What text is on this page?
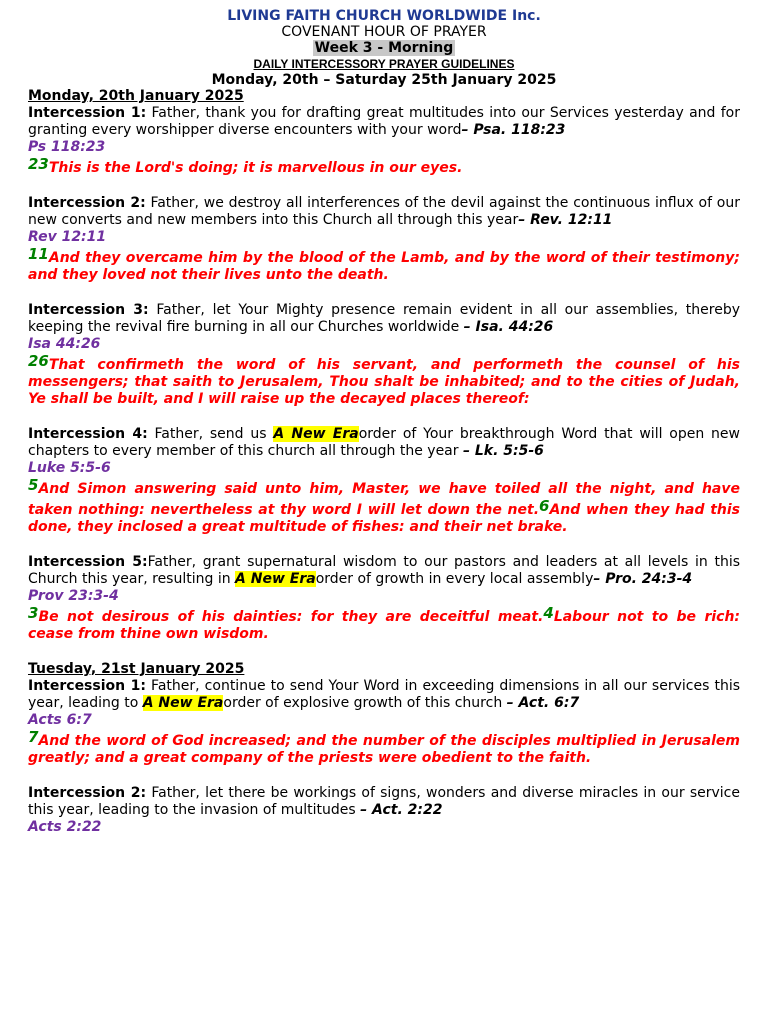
LIVING FAITH CHURCH WORLDWIDE Inc.
COVENANT HOUR OF PRAYER
Week 3 - Morning
DAILY INTERCESSORY PRAYER GUIDELINES
Monday, 20th – Saturday 25th January 2025
Monday, 20th January 2025
Intercession 1: Father, thank you for drafting great multitudes into our Services yesterday and for granting every worshipper diverse encounters with your word– Psa. 118:23
Ps 118:23
23This is the Lord's doing; it is marvellous in our eyes.
Intercession 2: Father, we destroy all interferences of the devil against the continuous influx of our new converts and new members into this Church all through this year– Rev. 12:11
Rev 12:11
11And they overcame him by the blood of the Lamb, and by the word of their testimony; and they loved not their lives unto the death.
Intercession 3: Father, let Your Mighty presence remain evident in all our assemblies, thereby keeping the revival fire burning in all our Churches worldwide – Isa. 44:26
Isa 44:26
26That confirmeth the word of his servant, and performeth the counsel of his messengers; that saith to Jerusalem, Thou shalt be inhabited; and to the cities of Judah, Ye shall be built, and I will raise up the decayed places thereof:
Intercession 4: Father, send us A New Eraorder of Your breakthrough Word that will open new chapters to every member of this church all through the year – Lk. 5:5-6
Luke 5:5-6
5And Simon answering said unto him, Master, we have toiled all the night, and have taken nothing: nevertheless at thy word I will let down the net.6And when they had this done, they inclosed a great multitude of fishes: and their net brake.
Intercession 5:Father, grant supernatural wisdom to our pastors and leaders at all levels in this Church this year, resulting in A New Eraorder of growth in every local assembly– Pro. 24:3-4
Prov 23:3-4
3Be not desirous of his dainties: for they are deceitful meat.4Labour not to be rich: cease from thine own wisdom.
Tuesday, 21st January 2025
Intercession 1: Father, continue to send Your Word in exceeding dimensions in all our services this year, leading to A New Eraorder of explosive growth of this church – Act. 6:7
Acts 6:7
7And the word of God increased; and the number of the disciples multiplied in Jerusalem greatly; and a great company of the priests were obedient to the faith.
Intercession 2: Father, let there be workings of signs, wonders and diverse miracles in our service this year, leading to the invasion of multitudes – Act. 2:22
Acts 2:22
